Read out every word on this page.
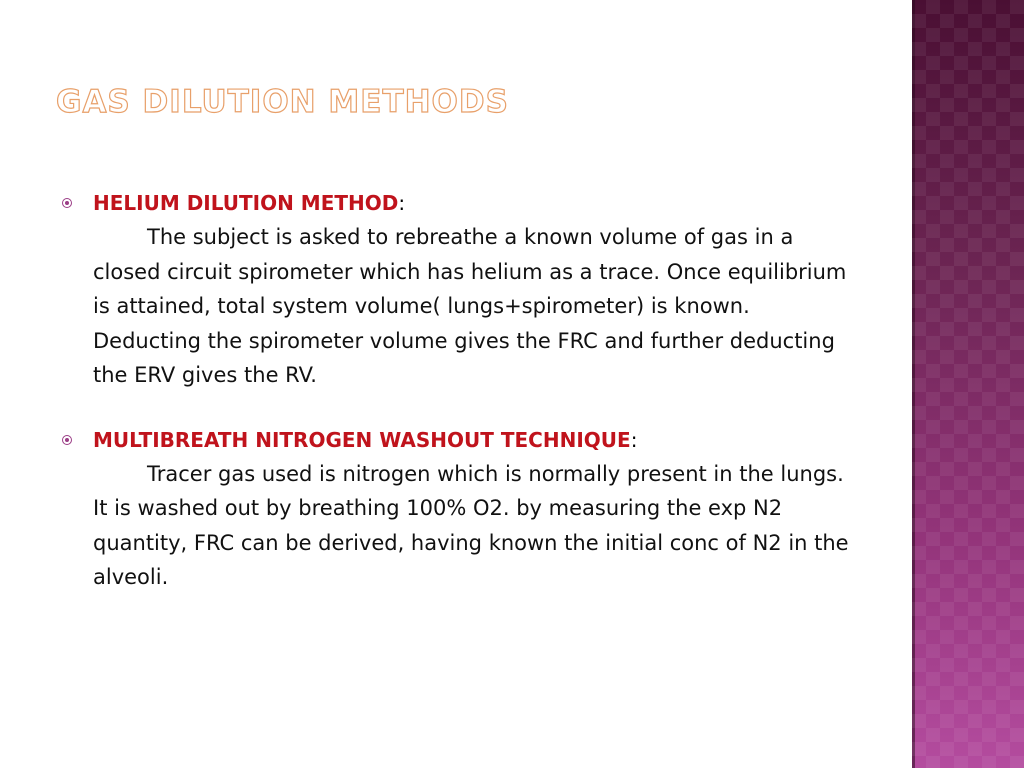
GAS DILUTION METHODS
HELIUM DILUTION METHOD:

The subject is asked to rebreathe a known volume of gas in a closed circuit spirometer which has helium as a trace. Once equilibrium is attained, total system volume( lungs+spirometer) is known. Deducting the spirometer volume gives the FRC and further deducting the ERV gives the RV.

MULTIBREATH NITROGEN WASHOUT TECHNIQUE:

Tracer gas used is nitrogen which is normally present in the lungs. It is washed out by breathing 100% O2. by measuring the exp N2 quantity, FRC can be derived, having known the initial conc of N2 in the alveoli.
